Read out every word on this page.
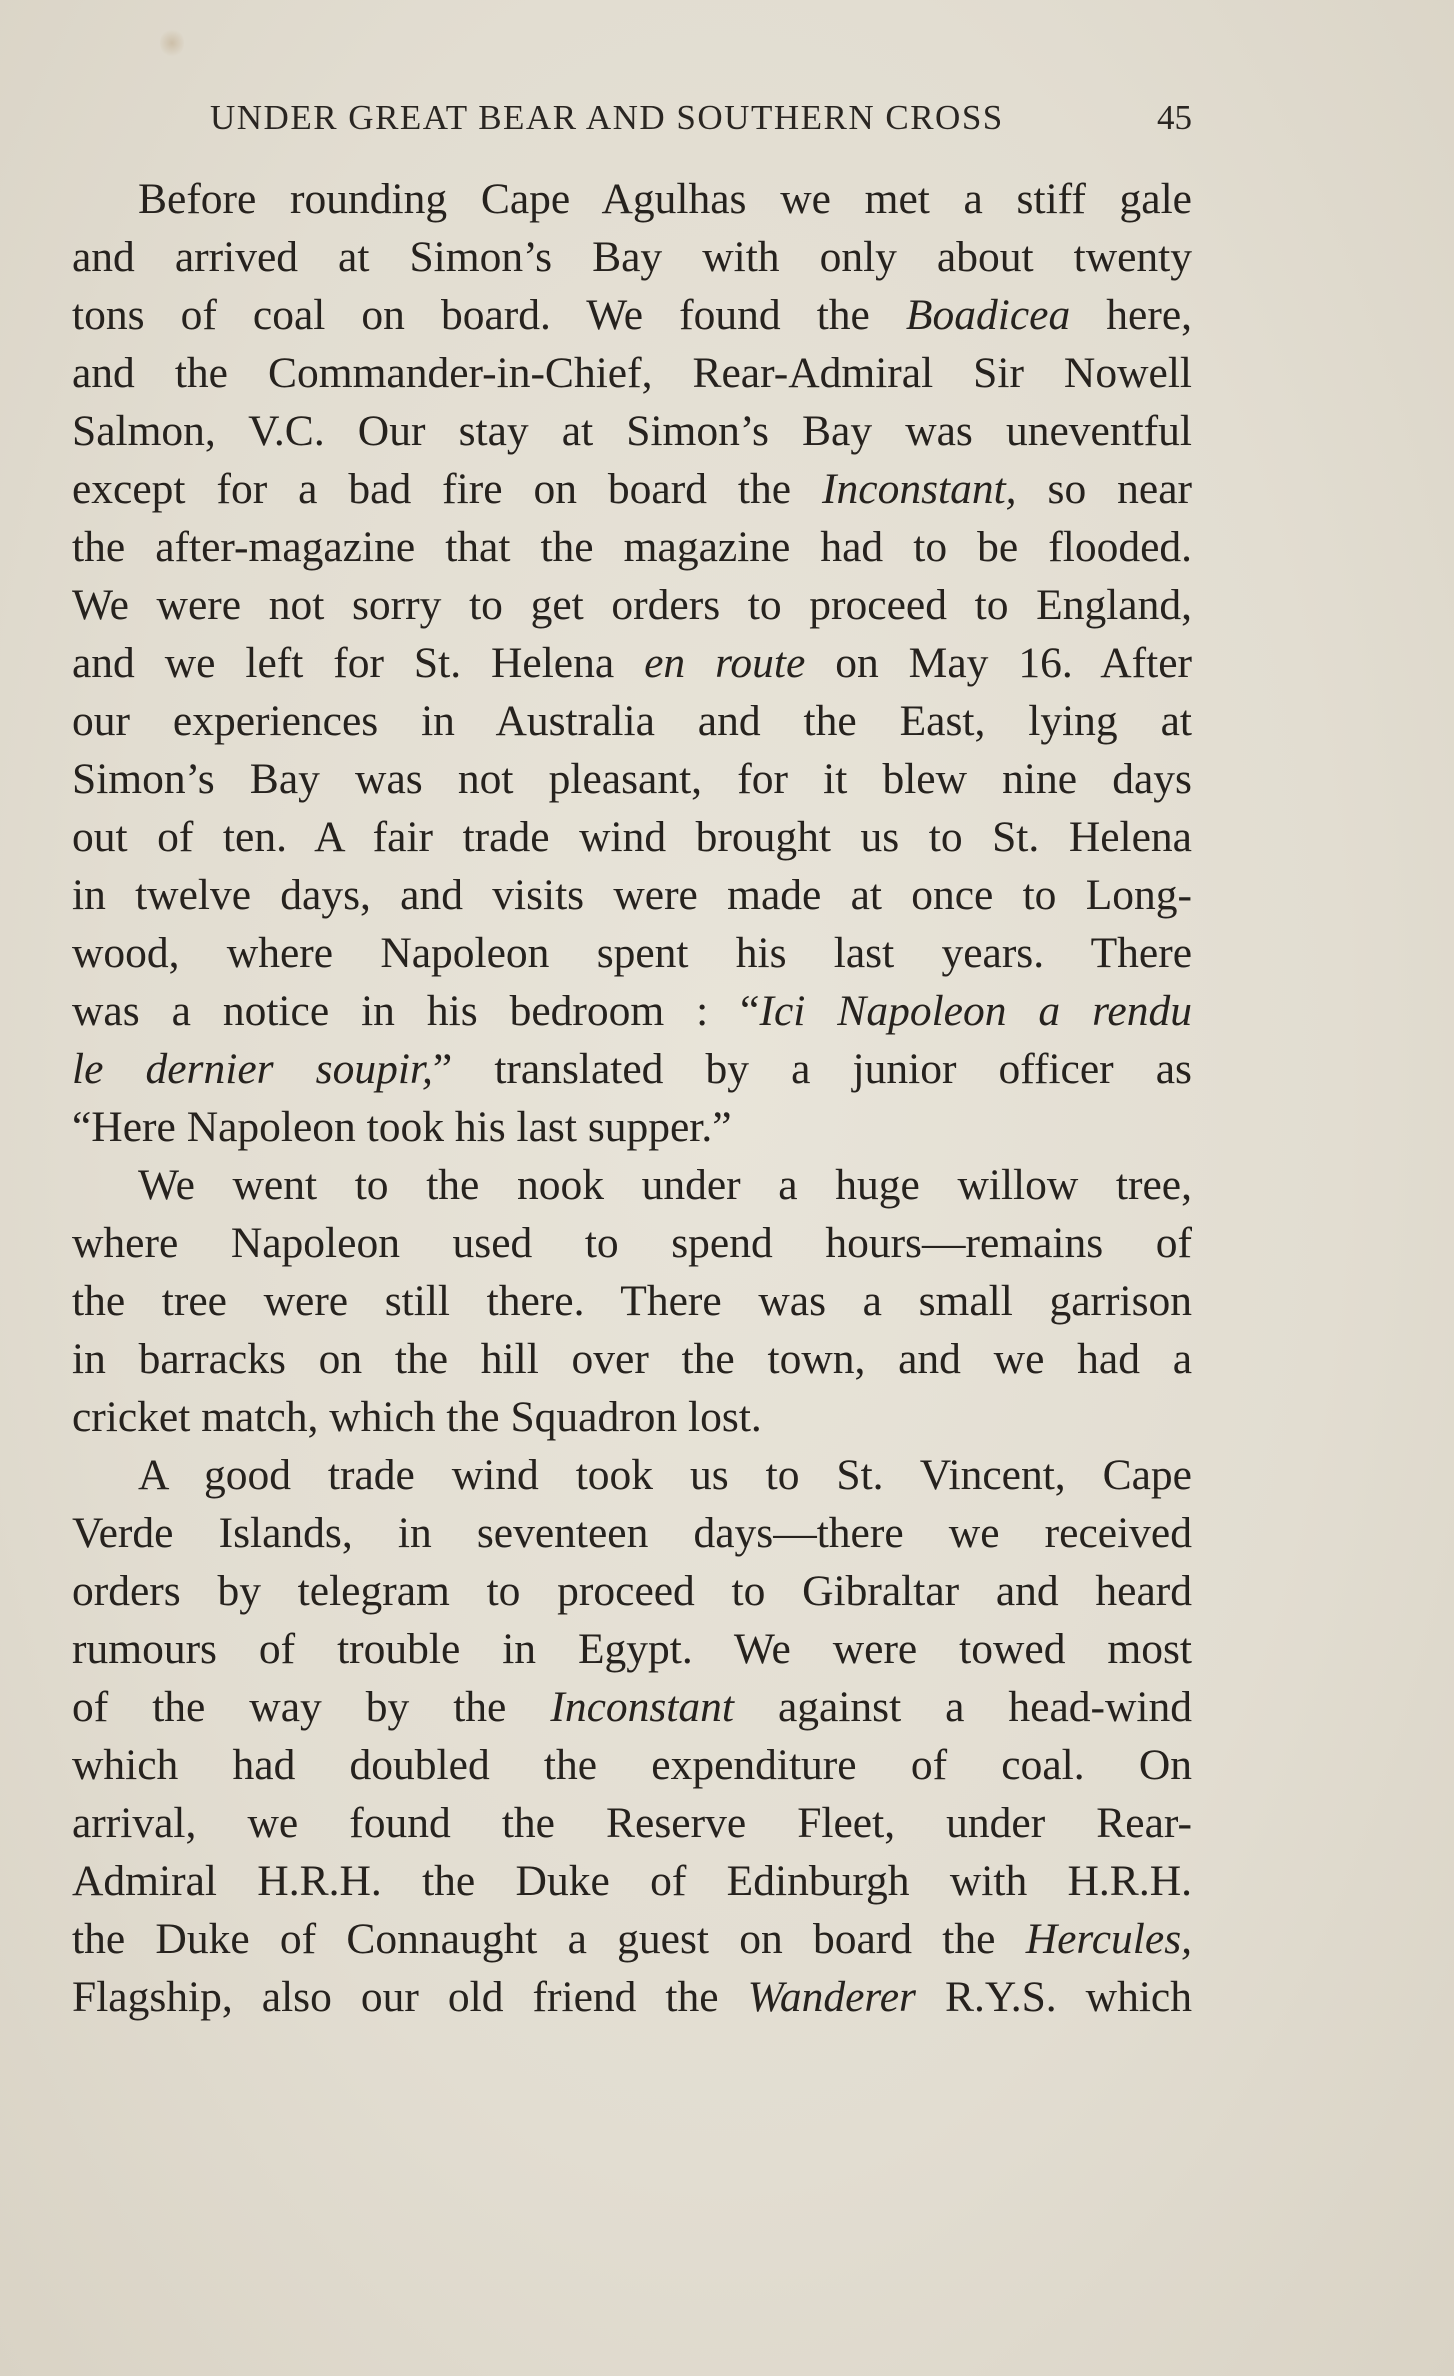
UNDER GREAT BEAR AND SOUTHERN CROSS	45
Before rounding Cape Agulhas we met a stiff gale
and arrived at Simon’s Bay with only about twenty
tons of coal on board. We found the Boadicea here,
and the Commander-in-Chief, Rear-Admiral Sir Nowell
Salmon, V.C. Our stay at Simon’s Bay was uneventful
except for a bad fire on board the Inconstant, so near
the after-magazine that the magazine had to be flooded.
We were not sorry to get orders to proceed to England,
and we left for St. Helena en route on May 16. After
our experiences in Australia and the East, lying at
Simon’s Bay was not pleasant, for it blew nine days
out of ten. A fair trade wind brought us to St. Helena
in twelve days, and visits were made at once to Long-
wood, where Napoleon spent his last years. There
was a notice in his bedroom : “Ici Napoleon a rendu
le dernier soupir,” translated by a junior officer as
“Here Napoleon took his last supper.”
We went to the nook under a huge willow tree,
where Napoleon used to spend hours—remains of
the tree were still there. There was a small garrison
in barracks on the hill over the town, and we had a
cricket match, which the Squadron lost.
A good trade wind took us to St. Vincent, Cape
Verde Islands, in seventeen days—there we received
orders by telegram to proceed to Gibraltar and heard
rumours of trouble in Egypt. We were towed most
of the way by the Inconstant against a head-wind
which had doubled the expenditure of coal. On
arrival, we found the Reserve Fleet, under Rear-
Admiral H.R.H. the Duke of Edinburgh with H.R.H.
the Duke of Connaught a guest on board the Hercules,
Flagship, also our old friend the Wanderer R.Y.S. which
